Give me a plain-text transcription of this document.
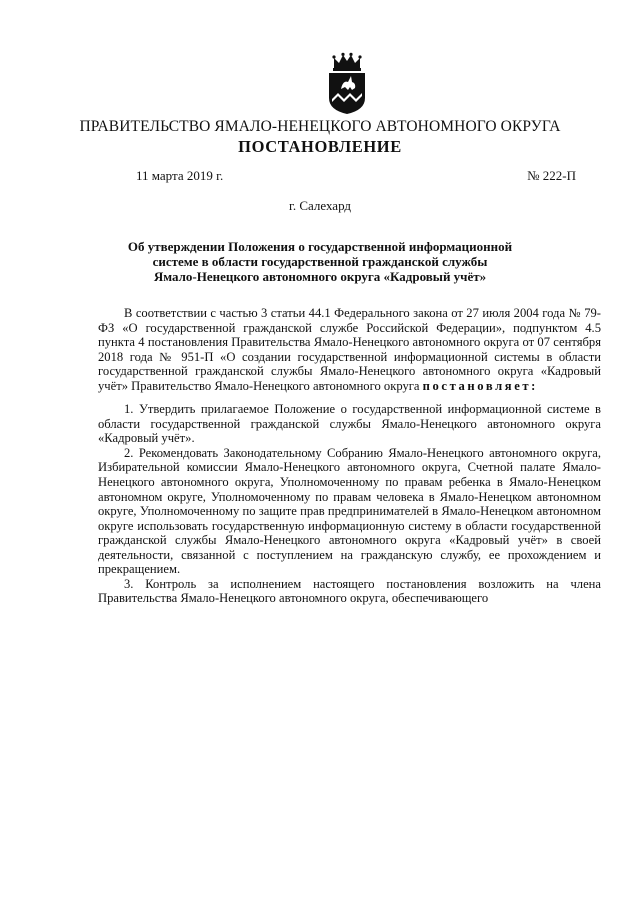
ПРАВИТЕЛЬСТВО ЯМАЛО-НЕНЕЦКОГО АВТОНОМНОГО ОКРУГА
ПОСТАНОВЛЕНИЕ
11 марта 2019 г.	№ 222-П
г. Салехард
Об утверждении Положения о государственной информационной
системе в области государственной гражданской службы
Ямало-Ненецкого автономного округа «Кадровый учёт»

В соответствии с частью 3 статьи 44.1 Федерального закона от 27 июля 2004 года № 79-ФЗ «О государственной гражданской службе Российской Федерации», подпунктом 4.5 пункта 4 постановления Правительства Ямало-Ненецкого автономного округа от 07 сентября 2018 года № 951-П «О создании государственной информационной системы в области государственной гражданской службы Ямало-Ненецкого автономного округа «Кадровый учёт» Правительство Ямало-Ненецкого автономного округа постановляет:

1. Утвердить прилагаемое Положение о государственной информационной системе в области государственной гражданской службы Ямало-Ненецкого автономного округа «Кадровый учёт».

2. Рекомендовать Законодательному Собранию Ямало-Ненецкого автономного округа, Избирательной комиссии Ямало-Ненецкого автономного округа, Счетной палате Ямало-Ненецкого автономного округа, Уполномоченному по правам ребенка в Ямало-Ненецком автономном округе, Уполномоченному по правам человека в Ямало-Ненецком автономном округе, Уполномоченному по защите прав предпринимателей в Ямало-Ненецком автономном округе использовать государственную информационную систему в области государственной гражданской службы Ямало-Ненецкого автономного округа «Кадровый учёт» в своей деятельности, связанной с поступлением на гражданскую службу, ее прохождением и прекращением.

3. Контроль за исполнением настоящего постановления возложить на члена Правительства Ямало-Ненецкого автономного округа, обеспечивающего
